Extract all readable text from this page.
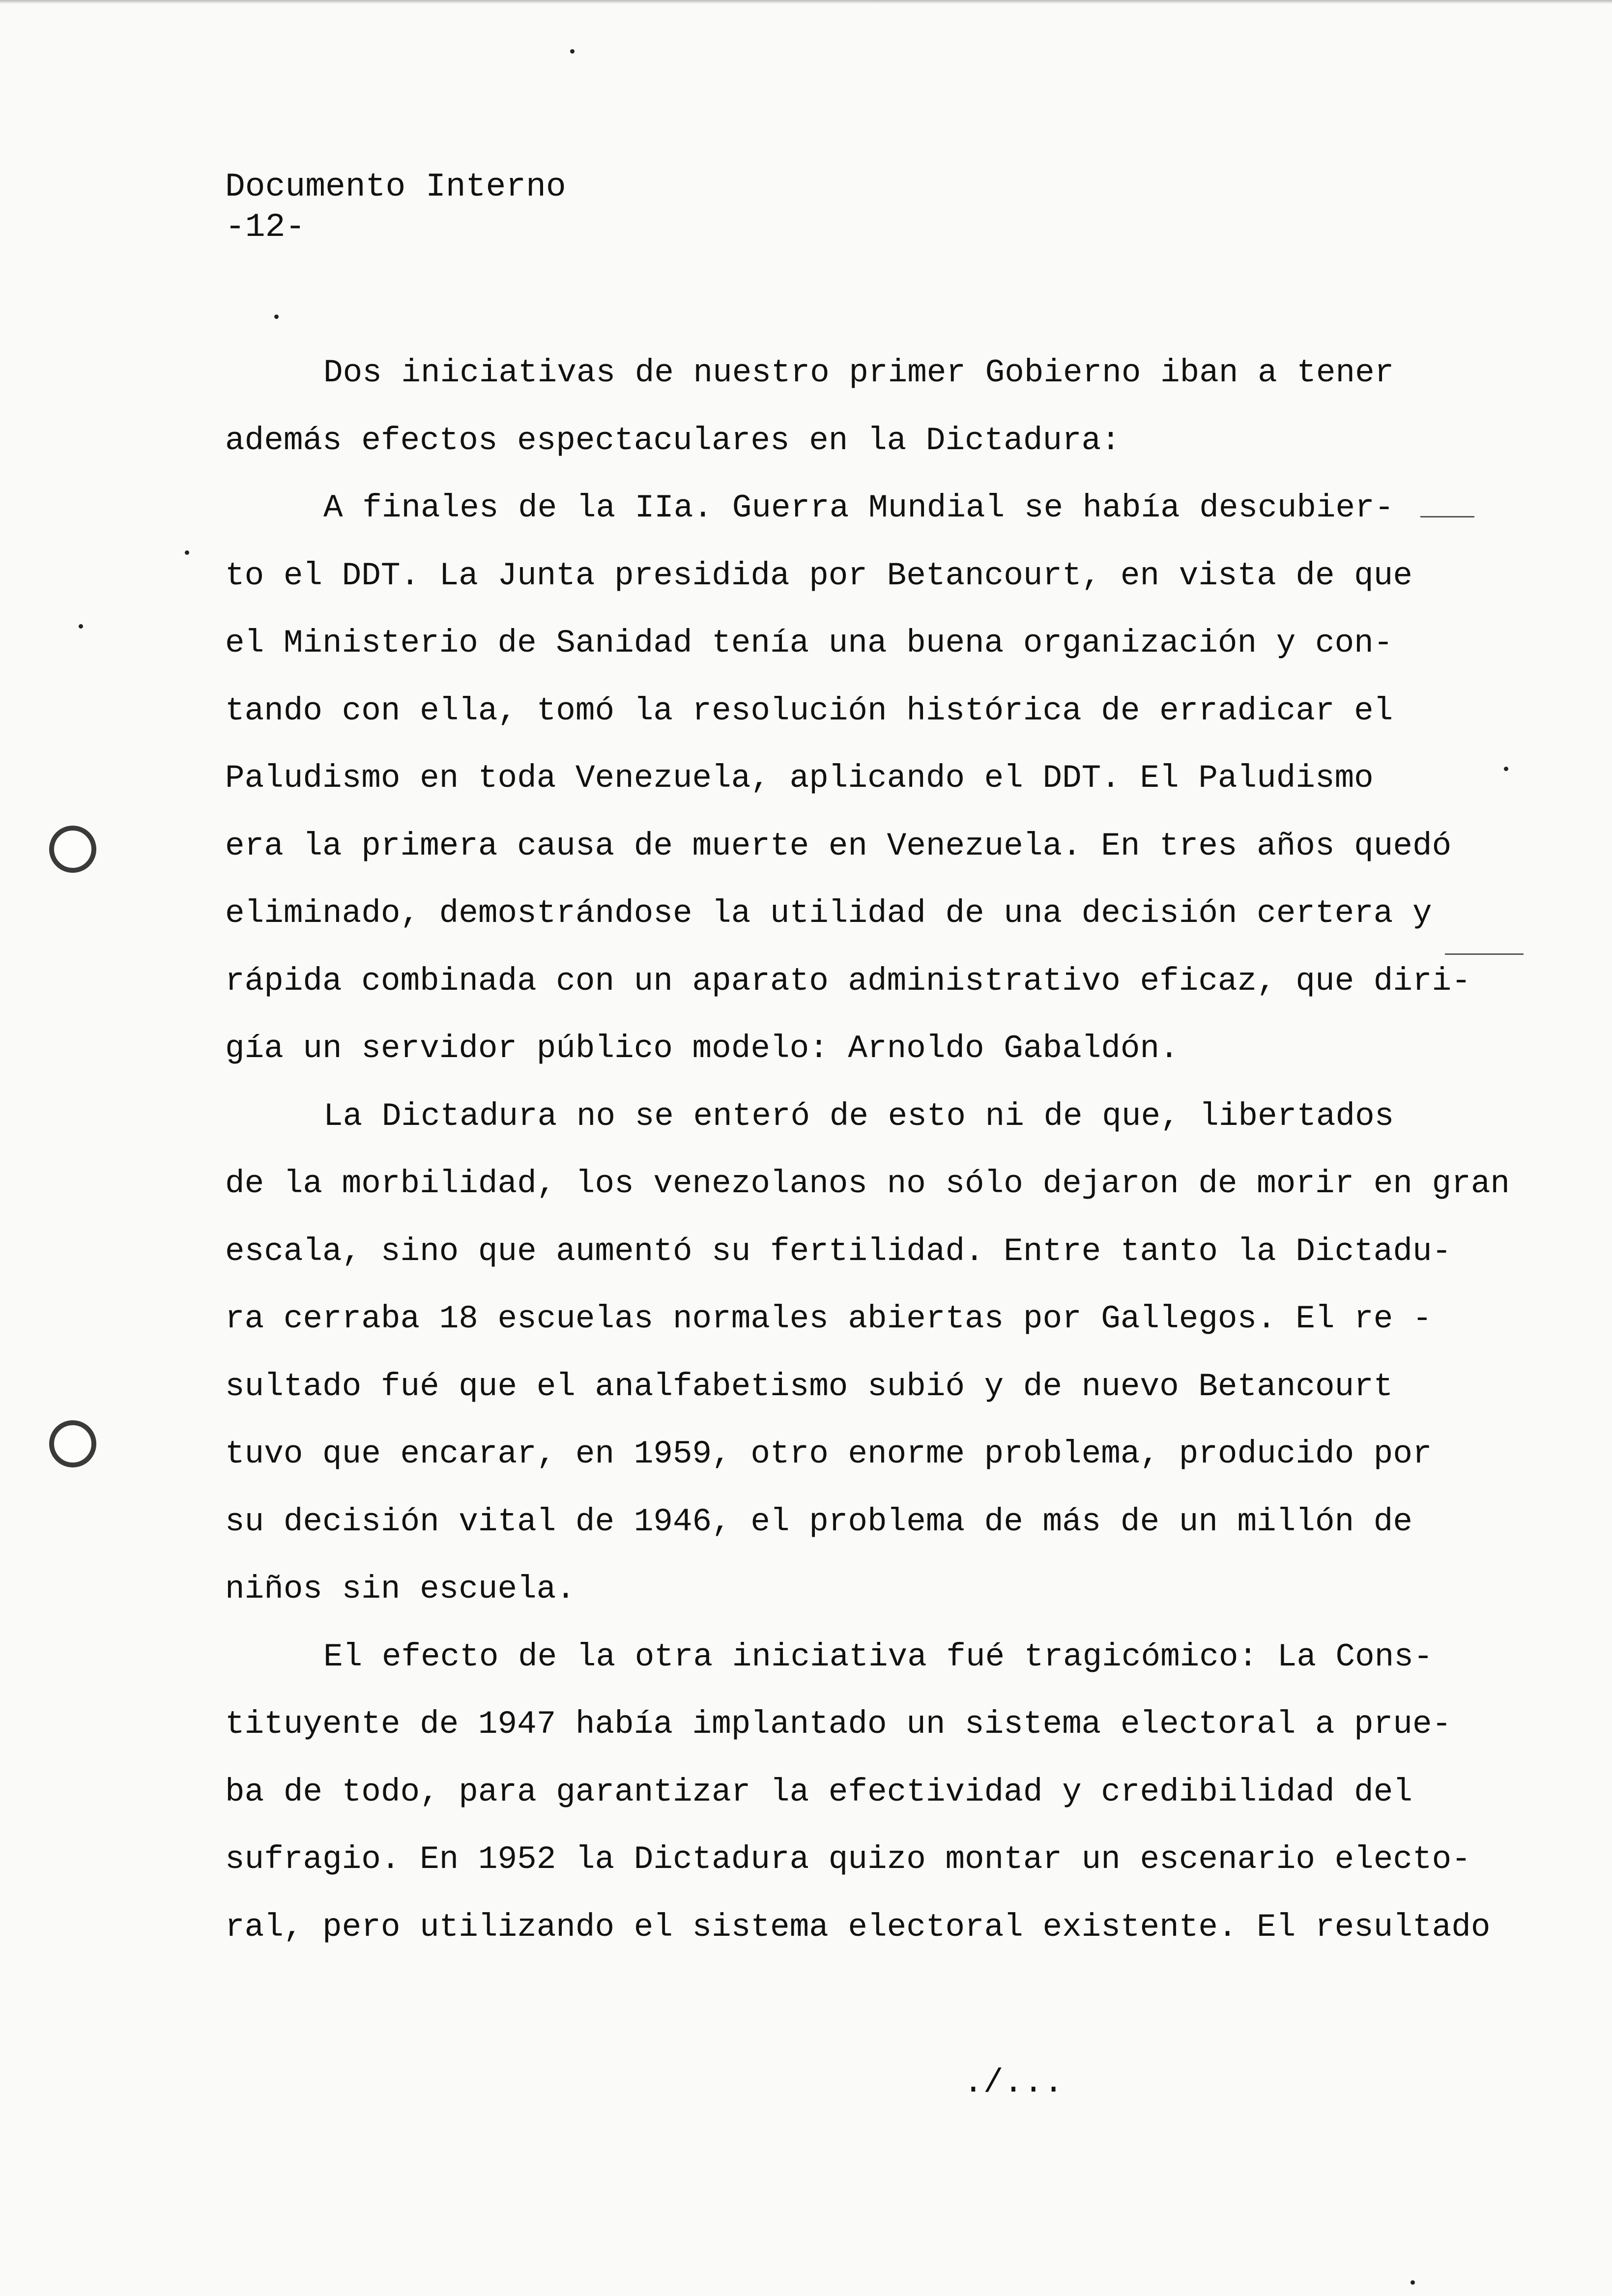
Documento Interno
-12-
Dos iniciativas de nuestro primer Gobierno iban a tener
además efectos espectaculares en la Dictadura:
A finales de la IIa. Guerra Mundial se había descubier-
to el DDT. La Junta presidida por Betancourt, en vista de que
el Ministerio de Sanidad tenía una buena organización y con-
tando con ella, tomó la resolución histórica de erradicar el
Paludismo en toda Venezuela, aplicando el DDT. El Paludismo
era la primera causa de muerte en Venezuela. En tres años quedó
eliminado, demostrándose la utilidad de una decisión certera y
rápida combinada con un aparato administrativo eficaz, que diri-
gía un servidor público modelo: Arnoldo Gabaldón.
La Dictadura no se enteró de esto ni de que, libertados
de la morbilidad, los venezolanos no sólo dejaron de morir en gran
escala, sino que aumentó su fertilidad. Entre tanto la Dictadu-
ra cerraba 18 escuelas normales abiertas por Gallegos. El re -
sultado fué que el analfabetismo subió y de nuevo Betancourt
tuvo que encarar, en 1959, otro enorme problema, producido por
su decisión vital de 1946, el problema de más de un millón de
niños sin escuela.
El efecto de la otra iniciativa fué tragicómico: La Cons-
tituyente de 1947 había implantado un sistema electoral a prue-
ba de todo, para garantizar la efectividad y credibilidad del
sufragio. En 1952 la Dictadura quizo montar un escenario electo-
ral, pero utilizando el sistema electoral existente. El resultado
./...
